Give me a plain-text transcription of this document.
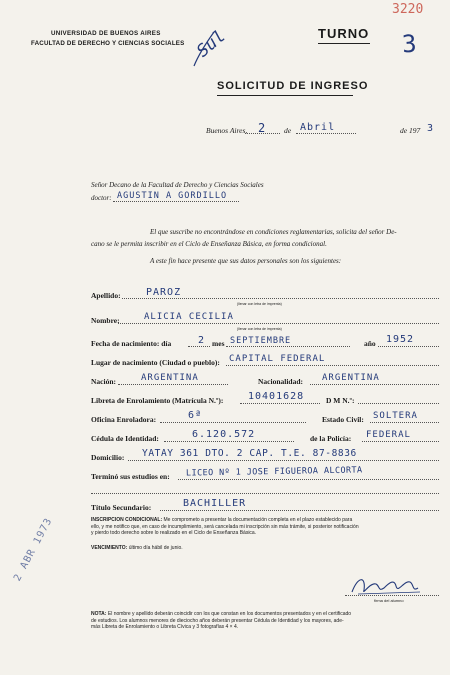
UNIVERSIDAD DE BUENOS AIRES
FACULTAD DE DERECHO Y CIENCIAS SOCIALES
TURNO 3
3220
Sul
SOLICITUD DE INGRESO
Buenos Aires, 2 de Abril	de 197 3
Señor Decano de la Facultad de Derecho y Ciencias Sociales
doctor: AGUSTIN A GORDILLO
El que suscribe no encontrándose en condiciones reglamentarias, solicita del señor De-
cano se le permita inscribir en el Ciclo de Enseñanza Básica, en forma condicional.
A este fin hace presente que sus datos personales son los siguientes:
Apellido:	PAROZ
(llenar con letra de imprenta)
Nombre:	ALICIA CECILIA
(llenar con letra de imprenta)
Fecha de nacimiento: día	2 mes SEPTIEMBRE	año 1952
Lugar de nacimiento (Ciudad o pueblo): CAPITAL FEDERAL
Nación:	ARGENTINA	Nacionalidad: ARGENTINA
Libreta de Enrolamiento (Matrícula N.º): 10401628	D M N.º:
Oficina Enroladora:	6ª	Estado Civil: SOLTERA
Cédula de Identidad:	6.120.572	de la Policía: FEDERAL
Domicilio: YATAY 361 DTO. 2 CAP. T.E. 87-8836
Terminó sus estudios en: LICEO Nº 1 JOSE FIGUEROA ALCORTA
Título Secundario:	BACHILLER
INSCRIPCION CONDICIONAL: Me comprometo a presentar la documentación completa en el plazo establecido para
ello, y me notifico que, en caso de incumplimiento, será cancelada mi inscripción sin más trámite, si posterior notificación
y pierdo todo derecho sobre lo realizado en el Ciclo de Enseñanza Básica.
VENCIMIENTO: último día hábil de junio.
2 ABR 1973
firma del alumno
NOTA: El nombre y apellido deberán coincidir con los que constan en los documentos presentados y en el certificado
de estudios. Los alumnos menores de dieciocho años deberán presentar Cédula de Identidad y los mayores, ade-
más Libreta de Enrolamiento o Libreta Cívica y 3 fotografías 4 × 4.
